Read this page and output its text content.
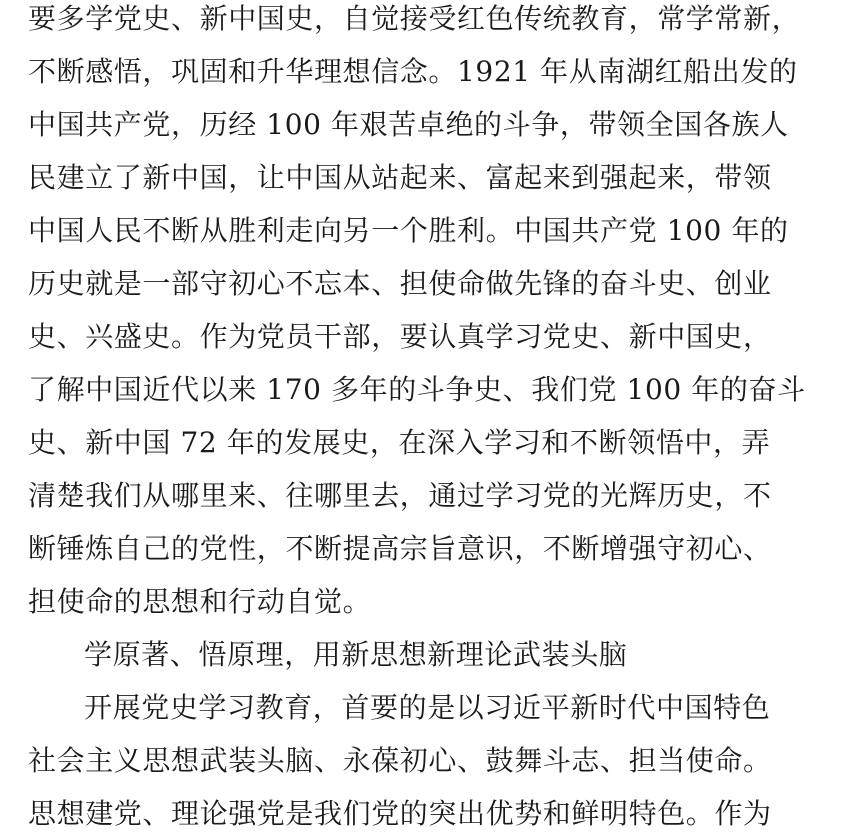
要多学党史、新中国史，自觉接受红色传统教育，常学常新，
不断感悟，巩固和升华理想信念。1921 年从南湖红船出发的
中国共产党，历经 100 年艰苦卓绝的斗争，带领全国各族人
民建立了新中国，让中国从站起来、富起来到强起来，带领
中国人民不断从胜利走向另一个胜利。中国共产党 100 年的
历史就是一部守初心不忘本、担使命做先锋的奋斗史、创业
史、兴盛史。作为党员干部，要认真学习党史、新中国史，
了解中国近代以来 170 多年的斗争史、我们党 100 年的奋斗
史、新中国 72 年的发展史，在深入学习和不断领悟中，弄
清楚我们从哪里来、往哪里去，通过学习党的光辉历史，不
断锤炼自己的党性，不断提高宗旨意识，不断增强守初心、
担使命的思想和行动自觉。
学原著、悟原理，用新思想新理论武装头脑
开展党史学习教育，首要的是以习近平新时代中国特色
社会主义思想武装头脑、永葆初心、鼓舞斗志、担当使命。
思想建党、理论强党是我们党的突出优势和鲜明特色。作为
